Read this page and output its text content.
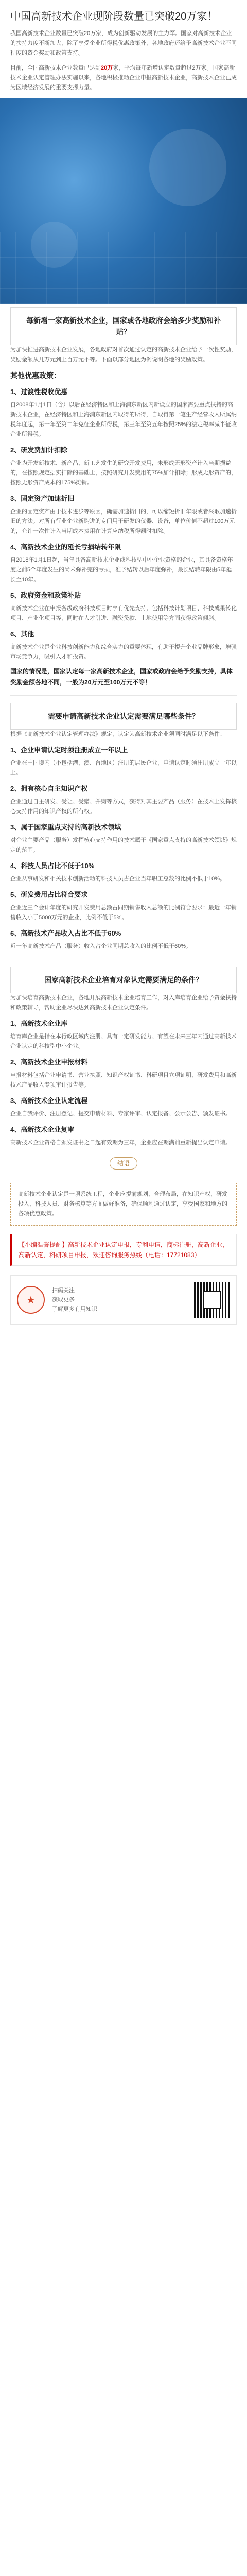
中国高新技术企业现阶段数量已突破20万家！

我国高新技术企业数量已突破20万家，成为创新驱动发展的主力军。国家对高新技术企业的扶持力度不断加大，除了享受企业所得税优惠政策外，各地政府还给予高新技术企业不同程度的资金奖励和政策支持。

目前，全国高新技术企业数量已达到20万家，平均每年新增认定数量超过2万家。国家高新技术企业认定管理办法实施以来，各地积极推动企业申报高新技术企业，高新技术企业已成为区域经济发展的重要支撑力量。

每新增一家高新技术企业，国家或各地政府会给多少奖励和补贴？

为加快推进高新技术企业发展，各地政府对首次通过认定的高新技术企业给予一次性奖励，奖励金额从几万元到上百万元不等。下面以部分地区为例说明各地的奖励政策。

其他优惠政策：
1、过渡性税收优惠

自2008年1月1日（含）以后在经济特区和上海浦东新区内新设立的国家需要重点扶持的高新技术企业，在经济特区和上海浦东新区内取得的所得，自取得第一笔生产经营收入所属纳税年度起，第一年至第二年免征企业所得税，第三年至第五年按照25%的法定税率减半征收企业所得税。

2、研发费加计扣除

企业为开发新技术、新产品、新工艺发生的研究开发费用，未形成无形资产计入当期损益的，在按照规定据实扣除的基础上，按照研究开发费用的75%加计扣除；形成无形资产的，按照无形资产成本的175%摊销。

3、固定资产加速折旧

企业的固定资产由于技术进步等原因，确需加速折旧的，可以缩短折旧年限或者采取加速折旧的方法。对所有行业企业新购进的专门用于研发的仪器、设备，单位价值不超过100万元的，允许一次性计入当期成本费用在计算应纳税所得额时扣除。

4、高新技术企业的延长亏损结转年限

自2018年1月1日起，当年具备高新技术企业或科技型中小企业资格的企业，其具备资格年度之前5个年度发生的尚未弥补完的亏损，准予结转以后年度弥补，最长结转年限由5年延长至10年。

5、政府资金和政策补贴

高新技术企业在申报各级政府科技项目时享有优先支持，包括科技计划项目、科技成果转化项目、产业化项目等，同时在人才引进、融资贷款、土地使用等方面获得政策倾斜。

6、其他

高新技术企业是企业科技创新能力和综合实力的重要体现，有助于提升企业品牌形象，增强市场竞争力，吸引人才和投资。

国家的情况是，国家认定每一家高新技术企业，国家或政府会给予奖励支持，具体奖励金额各地不同，一般为20万元至100万元不等！
需要申请高新技术企业认定需要满足哪些条件？

根据《高新技术企业认定管理办法》规定，认定为高新技术企业须同时满足以下条件：

1、企业申请认定时须注册成立一年以上

企业在中国境内（不包括港、澳、台地区）注册的居民企业，申请认定时须注册成立一年以上。

2、拥有核心自主知识产权

企业通过自主研发、受让、受赠、并购等方式，获得对其主要产品（服务）在技术上发挥核心支持作用的知识产权的所有权。

3、属于国家重点支持的高新技术领域

对企业主要产品（服务）发挥核心支持作用的技术属于《国家重点支持的高新技术领域》规定的范围。

4、科技人员占比不低于10%

企业从事研发和相关技术创新活动的科技人员占企业当年职工总数的比例不低于10%。

5、研发费用占比符合要求

企业近三个会计年度的研究开发费用总额占同期销售收入总额的比例符合要求：最近一年销售收入小于5000万元的企业，比例不低于5%。

6、高新技术产品收入占比不低于60%

近一年高新技术产品（服务）收入占企业同期总收入的比例不低于60%。

国家高新技术企业培育对象认定需要满足的条件？

为加快培育高新技术企业，各地开展高新技术企业培育工作，对入库培育企业给予资金扶持和政策辅导，帮助企业尽快达到高新技术企业认定条件。

1、高新技术企业库

培育库企业是指在本行政区域内注册、具有一定研发能力、有望在未来三年内通过高新技术企业认定的科技型中小企业。

2、高新技术企业申报材料

申报材料包括企业申请书、营业执照、知识产权证书、科研项目立项证明、研发费用和高新技术产品收入专项审计报告等。

3、高新技术企业认定流程

企业自我评价、注册登记、提交申请材料、专家评审、认定报备、公示公告、颁发证书。

4、高新技术企业复审

高新技术企业资格自颁发证书之日起有效期为三年，企业应在期满前重新提出认定申请。

结语

高新技术企业认定是一项系统工程，企业应提前规划、合理布局，在知识产权、研发投入、科技人员、财务核算等方面做好准备，确保顺利通过认定，享受国家和地方的各项优惠政策。

【小编温馨提醒】高新技术企业认定申报，专利申请，商标注册，高新企业，高新认定，科研项目申报，欢迎咨询服务热线（电话：17721083）
★
扫码关注
获取更多
了解更多有用知识
